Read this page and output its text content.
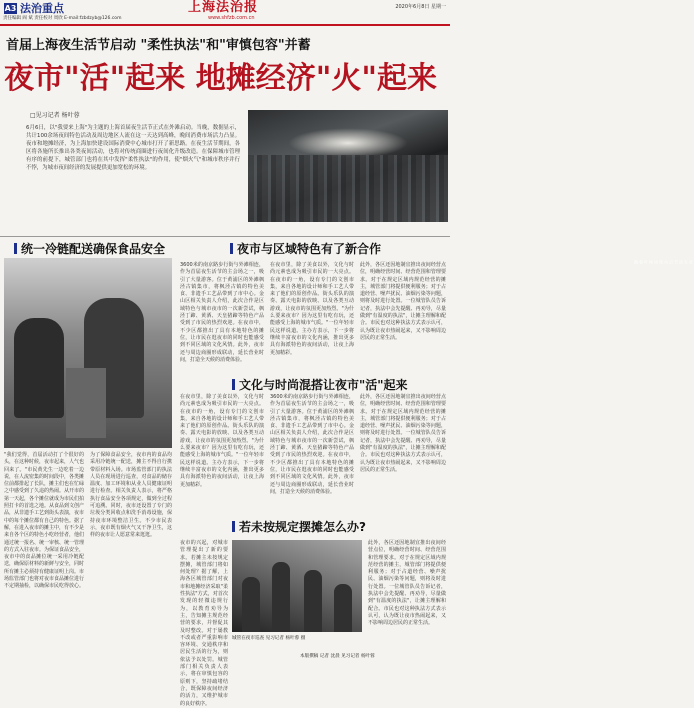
A3 法治重点
责任编辑 阎 斌 责任校对 周欣 E-mail:fzbdzyb@126.com
上海法治报
www.shfzb.com.cn
2020年6月8日 星期一
首届上海夜生活节启动 "柔性执法"和"审慎包容"并蓄
夜市"活"起来 地摊经济"火"起来
□见习记者 杨叶蓉
6月6日，以"我要来上海"为主题的上海首届夜生活节正式在外滩启动。当晚，数据显示，共计100余场夜间特色活动及周边地区人流在这一天达到高峰，晚间消费市场活力凸显。夜市和地摊经济，为上海加快建设国际消费中心城市打开了新思路。在夜生活节期间，各区将各施所长推出各类夜间活动，也将对传统商圈进行夜间化升级改造。在保障城市管理有序的前提下，城管部门也将在其中发挥"柔性执法"的作用，使"烟火气"和城市秩序并行不悖，为城市夜间经济的发展提供更加宽松的环境。
夜生活节启动现场 杨叶蓉 摄
统一冷链配送确保食品安全	夜市与区域特色有了新合作
"我们觉得，首届活动打了个很好的头，在这种时候，夜市起来，人气也回来了。"市民黄先生一边吃着一边说，在人流密集的时间段中，各类摊位前都排起了长队，摊主们也在忙碌之中感受到了久违的热闹。从开市的第一天起，各个摊位就成为市民们拍照打卡的首选之地。从食品到文创产品，从非遗手工艺到街头表演，夜市中的每个摊位都有自己的特色。据了解，在进入夜市的摊主中，有不少是来自各个区的特色小吃经营者，他们通过统一报名、统一审核、统一管理的方式入驻夜市。为保证食品安全，夜市中的食品摊位统一采用冷链配送，确保原材料的新鲜与安全，同时所有摊主必须持有健康证明上岗。市场监管部门也将对夜市食品摊位进行不定期抽检，以确保市民吃得放心。
为了保障食品安全，夜市内的食品均采用冷链统一配送，摊主不得自行携带原材料入场。市场监管部门的执法人员在现场进行巡查，对食品的储存温度、加工环境和从业人员健康证明进行检查。相关负责人表示，将严格执行食品安全各项规定，做到全过程可追溯。同时，夜市还设置了专门的垃圾分类回收点和洗手消毒设施，保持夜市环境整洁卫生。不少市民表示，夜市既有烟火气又干净卫生，这样的夜市让人愿意常来逛逛。
3600米的南京路步行街与外滩相连，作为首届夜生活节的主会场之一，吸引了大量游客。位于黄浦区的外滩枫泾古镇集市，将枫泾古镇的特色美食、非遗手工艺品带到了市中心。金山区相关负责人介绍，此次合作是区域特色与城市夜市的一次新尝试，枫泾丁蹄、黄酒、天皇猪蹄等特色产品受到了市民的热烈欢迎。在夜市中，不少区都推出了具有本地特色的摊位，让市民在逛夜市的同时也能感受到不同区域的文化风情。此外，夜市还与周边商圈形成联动，延长营业时间，打造全天候的消费体验。
在夜市里，除了美食以外，文化与时尚元素也成为吸引市民的一大亮点。在夜市的一角，设有专门的文创市集，来自各地的设计师和手工艺人带来了他们的原创作品。街头乐队的演奏、露天电影的放映、以及各类互动游戏，让夜市的氛围更加热烈。"为什么要来夜市？因为这里有吃有玩，还能感受上海的城市气质。"一位年轻市民这样说道。主办方表示，下一步将继续丰富夜市的文化内涵，推出更多具有海派特色的夜间活动，让夜上海更加精彩。
此外，各区还因地制宜推出夜间经营点位，明确经营时间、经营范围和管理要求。对于在规定区域内规范经营的摊主，城管部门将提供便利服务；对于占道经营、噪声扰民、油烟污染等问题，则将及时进行处置。一位城管队员告诉记者，执法中会先提醒、再劝导，尽量做到"有温度的执法"，让摊主理解和配合。市民也对这种执法方式表示认可，认为既让夜市热闹起来，又不影响周边居民的正常生活。
文化与时尚混搭让夜市"活"起来
在夜市里，除了美食以外，文化与时尚元素也成为吸引市民的一大亮点。在夜市的一角，设有专门的文创市集，来自各地的设计师和手工艺人带来了他们的原创作品。街头乐队的演奏、露天电影的放映、以及各类互动游戏，让夜市的氛围更加热烈。"为什么要来夜市？因为这里有吃有玩，还能感受上海的城市气质。"一位年轻市民这样说道。主办方表示，下一步将继续丰富夜市的文化内涵，推出更多具有海派特色的夜间活动，让夜上海更加精彩。
3600米的南京路步行街与外滩相连，作为首届夜生活节的主会场之一，吸引了大量游客。位于黄浦区的外滩枫泾古镇集市，将枫泾古镇的特色美食、非遗手工艺品带到了市中心。金山区相关负责人介绍，此次合作是区域特色与城市夜市的一次新尝试，枫泾丁蹄、黄酒、天皇猪蹄等特色产品受到了市民的热烈欢迎。在夜市中，不少区都推出了具有本地特色的摊位，让市民在逛夜市的同时也能感受到不同区域的文化风情。此外，夜市还与周边商圈形成联动，延长营业时间，打造全天候的消费体验。
此外，各区还因地制宜推出夜间经营点位，明确经营时间、经营范围和管理要求。对于在规定区域内规范经营的摊主，城管部门将提供便利服务；对于占道经营、噪声扰民、油烟污染等问题，则将及时进行处置。一位城管队员告诉记者，执法中会先提醒、再劝导，尽量做到"有温度的执法"，让摊主理解和配合。市民也对这种执法方式表示认可，认为既让夜市热闹起来，又不影响周边居民的正常生活。
若未按规定摆摊怎么办?
夜市的兴起，对城市管理提出了新的要求。若摊主未按规定摆摊，城管部门将如何处理？据了解，上海各区城管部门对夜市和地摊经济采取"柔性执法"方式，对首次发现的轻微违规行为，以教育劝导为主，告知摊主规范经营的要求，并督促其及时整改。对于屡教不改或者严重影响市容环境、交通秩序和居民生活的行为，则依法予以处罚。城管部门相关负责人表示，将在审慎包容的原则下，坚持疏堵结合，既保障夜间经济的活力，又维护城市的良好秩序。
城管在夜市巡查 见习记者 杨叶蓉 摄
此外，各区还因地制宜推出夜间经营点位，明确经营时间、经营范围和管理要求。对于在规定区域内规范经营的摊主，城管部门将提供便利服务；对于占道经营、噪声扰民、油烟污染等问题，则将及时进行处置。一位城管队员告诉记者，执法中会先提醒、再劝导，尽量做到"有温度的执法"，让摊主理解和配合。市民也对这种执法方式表示认可，认为既让夜市热闹起来，又不影响周边居民的正常生活。
本版撰稿 记者 沈晨 见习记者 杨叶蓉
